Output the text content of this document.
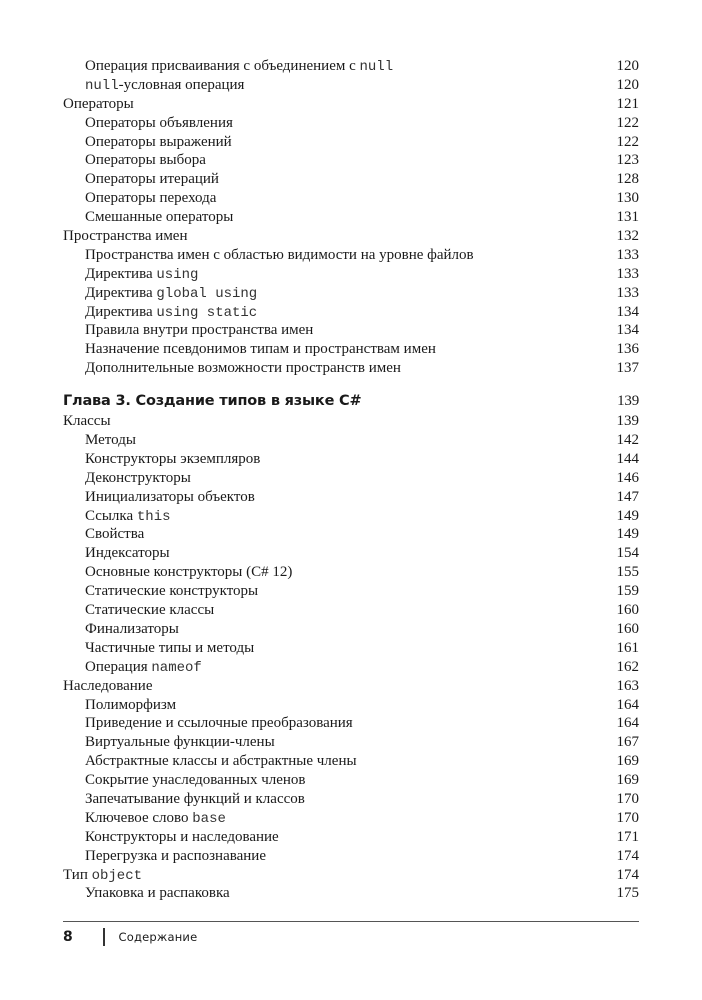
Операция присваивания с объединением с null	120
null-условная операция	120
Операторы	121
Операторы объявления	122
Операторы выражений	122
Операторы выбора	123
Операторы итераций	128
Операторы перехода	130
Смешанные операторы	131
Пространства имен	132
Пространства имен с областью видимости на уровне файлов	133
Директива using	133
Директива global using	133
Директива using static	134
Правила внутри пространства имен	134
Назначение псевдонимов типам и пространствам имен	136
Дополнительные возможности пространств имен	137
Глава 3. Создание типов в языке C#	139
Классы	139
Методы	142
Конструкторы экземпляров	144
Деконструкторы	146
Инициализаторы объектов	147
Ссылка this	149
Свойства	149
Индексаторы	154
Основные конструкторы (C# 12)	155
Статические конструкторы	159
Статические классы	160
Финализаторы	160
Частичные типы и методы	161
Операция nameof	162
Наследование	163
Полиморфизм	164
Приведение и ссылочные преобразования	164
Виртуальные функции-члены	167
Абстрактные классы и абстрактные члены	169
Сокрытие унаследованных членов	169
Запечатывание функций и классов	170
Ключевое слово base	170
Конструкторы и наследование	171
Перегрузка и распознавание	174
Тип object	174
Упаковка и распаковка	175
8	Содержание
